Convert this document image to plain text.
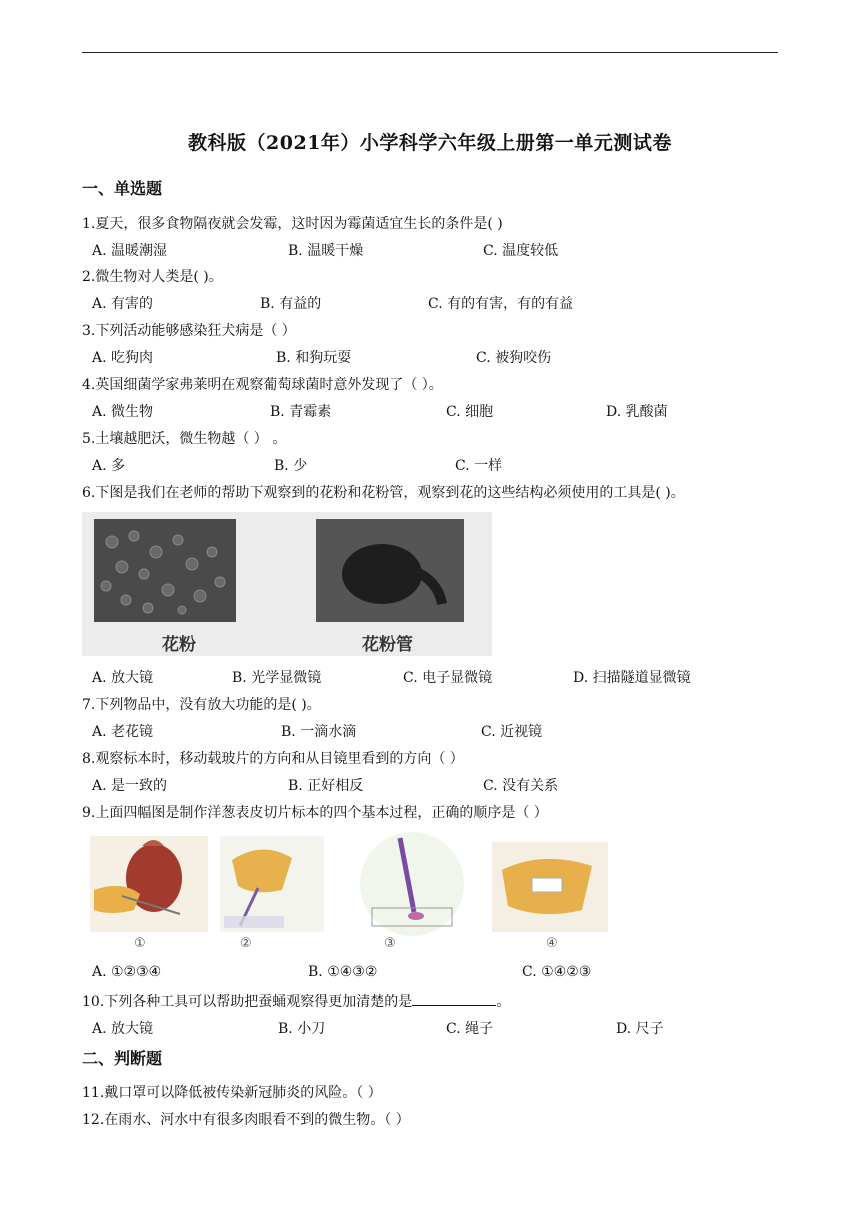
教科版（2021年）小学科学六年级上册第一单元测试卷
一、单选题
1.夏天，很多食物隔夜就会发霉，这时因为霉菌适宜生长的条件是( )
A. 温暖潮湿	B. 温暖干燥	C. 温度较低
2.微生物对人类是( )。
A. 有害的	B. 有益的	C. 有的有害，有的有益
3.下列活动能够感染狂犬病是（ ）
A. 吃狗肉	B. 和狗玩耍	C. 被狗咬伤
4.英国细菌学家弗莱明在观察葡萄球菌时意外发现了（ ）。
A. 微生物	B. 青霉素	C. 细胞	D. 乳酸菌
5.土壤越肥沃，微生物越（ ） 。
A. 多	B. 少	C. 一样
6.下图是我们在老师的帮助下观察到的花粉和花粉管，观察到花的这些结构必须使用的工具是( )。
花粉	花粉管
A. 放大镜	B. 光学显微镜	C. 电子显微镜	D. 扫描隧道显微镜
7.下列物品中，没有放大功能的是( )。
A. 老花镜	B. 一滴水滴	C. 近视镜
8.观察标本时，移动载玻片的方向和从目镜里看到的方向（ ）
A. 是一致的	B. 正好相反	C. 没有关系
9.上面四幅图是制作洋葱表皮切片标本的四个基本过程，正确的顺序是（ ）
①	②	③	④
A. ①②③④	B. ①④③②	C. ①④②③
10.下列各种工具可以帮助把蚕蛹观察得更加清楚的是	。
A. 放大镜	B. 小刀	C. 绳子	D. 尺子
二、判断题
11.戴口罩可以降低被传染新冠肺炎的风险。（ ）
12.在雨水、河水中有很多肉眼看不到的微生物。（ ）
